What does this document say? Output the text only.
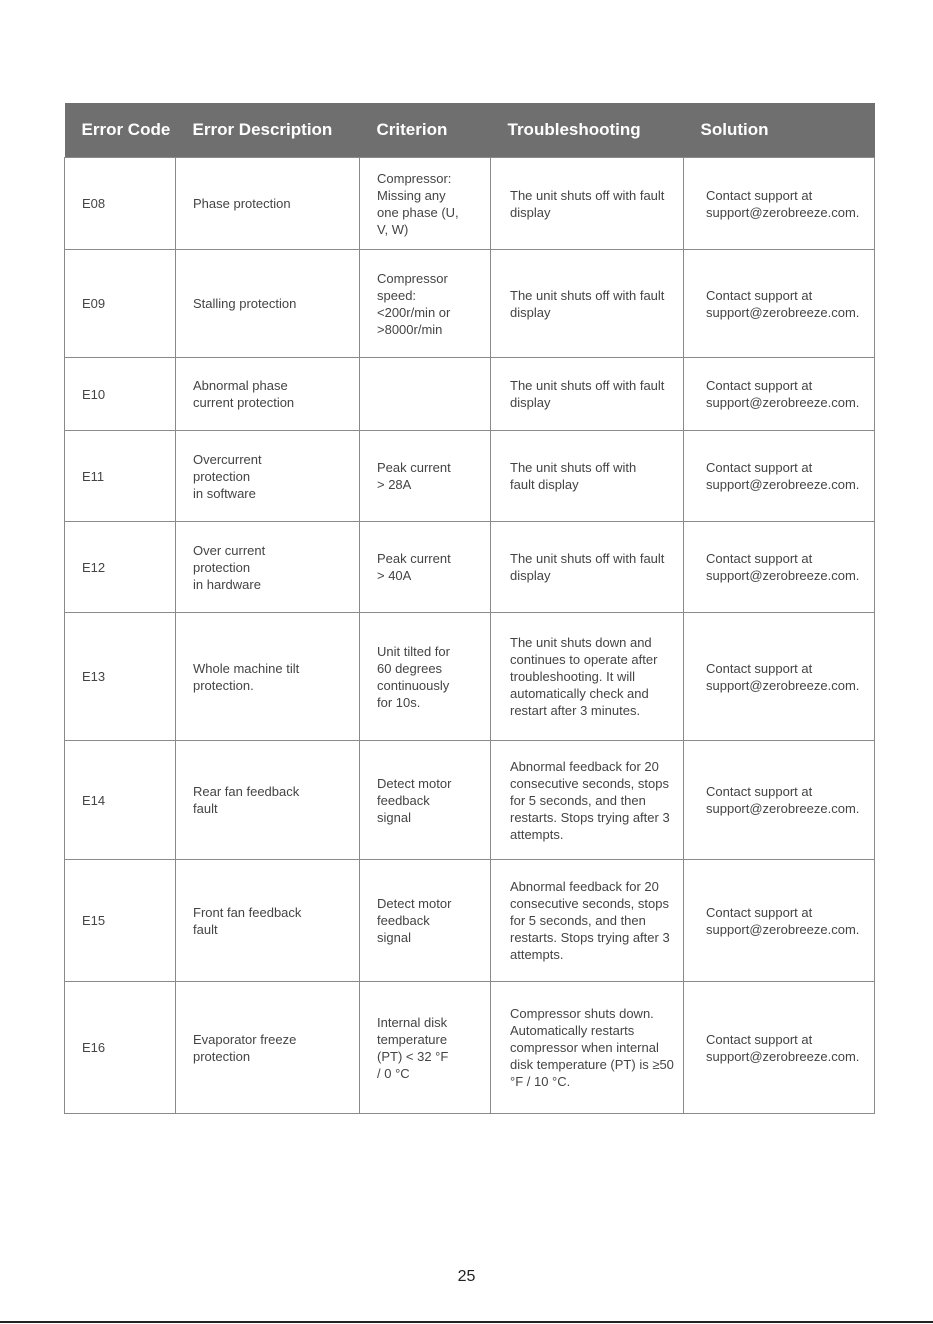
Error Code	Error Description	Criterion	Troubleshooting	Solution
E08	Phase protection	Compressor:
Missing any
one phase (U,
V, W)	The unit shuts off with fault
display	Contact support at
support@zerobreeze.com.

E09	Stalling protection	Compressor
speed:
<200r/min or
>8000r/min	The unit shuts off with fault
display	Contact support at
support@zerobreeze.com.

E10	Abnormal phase
current protection		The unit shuts off with fault
display	Contact support at
support@zerobreeze.com.

E11	Overcurrent
protection
in software	Peak current
> 28A	The unit shuts off with
fault display	Contact support at
support@zerobreeze.com.

E12	Over current
protection
in hardware	Peak current
> 40A	The unit shuts off with fault
display	Contact support at
support@zerobreeze.com.

E13	Whole machine tilt
protection.	Unit tilted for
60 degrees
continuously
for 10s.	The unit shuts down and
continues to operate after
troubleshooting. It will
automatically check and
restart after 3 minutes.	Contact support at
support@zerobreeze.com.

E14	Rear fan feedback
fault	Detect motor
feedback
signal	Abnormal feedback for 20
consecutive seconds, stops
for 5 seconds, and then
restarts. Stops trying after 3
attempts.	Contact support at
support@zerobreeze.com.

E15	Front fan feedback
fault	Detect motor
feedback
signal	Abnormal feedback for 20
consecutive seconds, stops
for 5 seconds, and then
restarts. Stops trying after 3
attempts.	Contact support at
support@zerobreeze.com.

E16	Evaporator freeze
protection	Internal disk
temperature
(PT) < 32 °F
/ 0 °C	Compressor shuts down.
Automatically restarts
compressor when internal
disk temperature (PT) is ≥50
°F / 10 °C.	Contact support at
support@zerobreeze.com.
25
